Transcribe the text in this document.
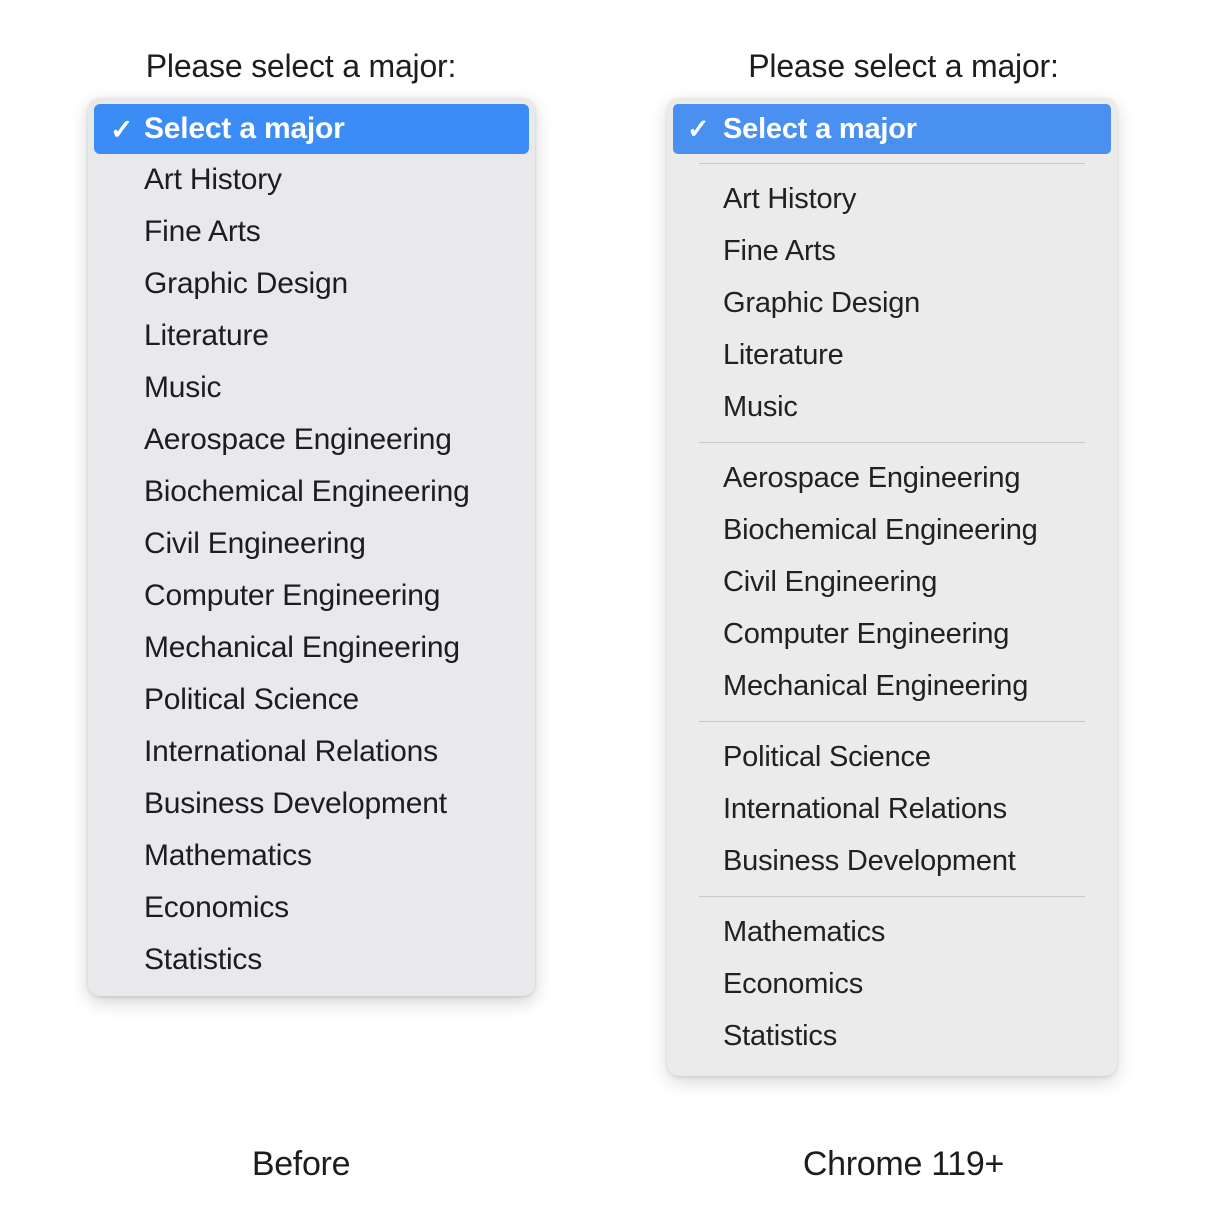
Please select a major:
✓ Select a major
Art History
Fine Arts
Graphic Design
Literature
Music
Aerospace Engineering
Biochemical Engineering
Civil Engineering
Computer Engineering
Mechanical Engineering
Political Science
International Relations
Business Development
Mathematics
Economics
Statistics
Before
Please select a major:
✓ Select a major
Art History
Fine Arts
Graphic Design
Literature
Music
Aerospace Engineering
Biochemical Engineering
Civil Engineering
Computer Engineering
Mechanical Engineering
Political Science
International Relations
Business Development
Mathematics
Economics
Statistics
Chrome 119+
